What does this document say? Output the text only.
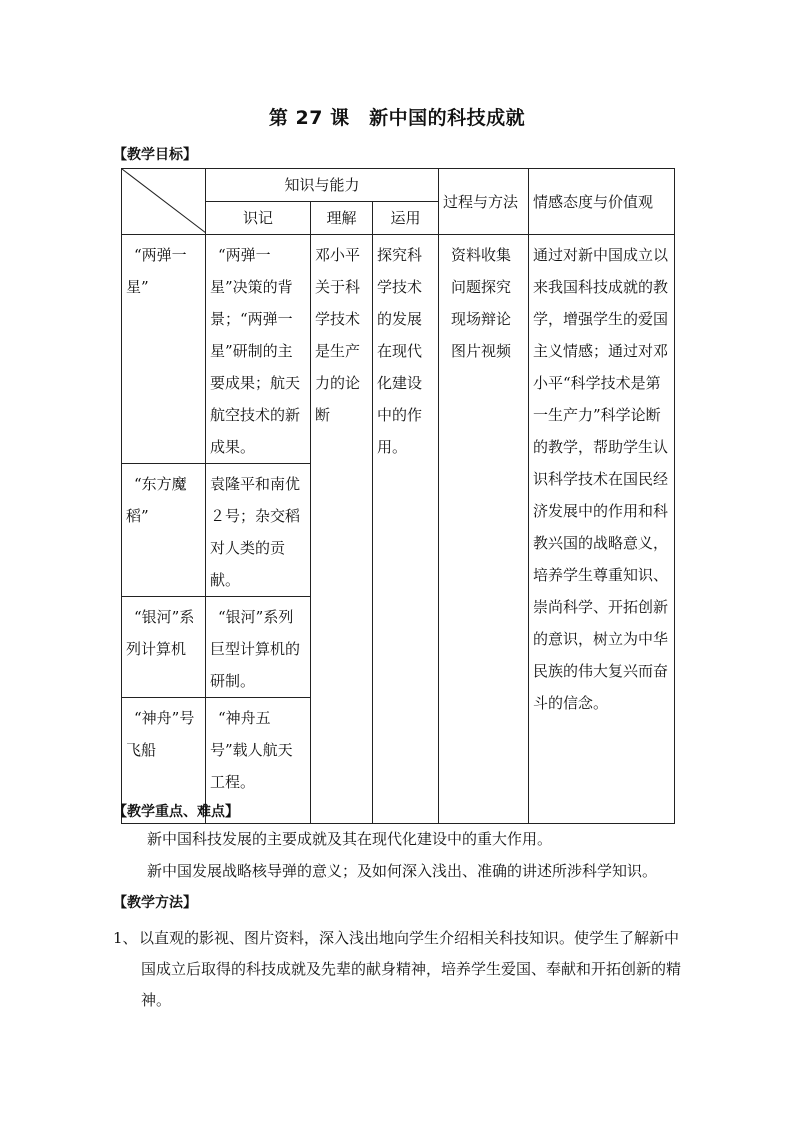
第 27 课　新中国的科技成就
【教学目标】
	知识与能力			过程与方法	情感态度与价值观
	识记	理解	运用		
“两弹一星”	“两弹一星”决策的背景；“两弹一星”研制的主要成果；航天航空技术的新成果。	邓小平关于科学技术是生产力的论断	探究科学技术的发展在现代化建设中的作用。	资料收集问题探究现场辩论图片视频	通过对新中国成立以来我国科技成就的教学，增强学生的爱国主义情感；通过对邓小平“科学技术是第一生产力”科学论断的教学，帮助学生认识科学技术在国民经济发展中的作用和科教兴国的战略意义，培养学生尊重知识、崇尚科学、开拓创新的意识，树立为中华民族的伟大复兴而奋斗的信念。
“东方魔稻”	袁隆平和南优２号；杂交稻对人类的贡献。				
“银河”系列计算机	“银河”系列巨型计算机的研制。				
“神舟”号飞船	“神舟五号”载人航天工程。				
【教学重点、难点】
新中国科技发展的主要成就及其在现代化建设中的重大作用。
新中国发展战略核导弹的意义；及如何深入浅出、准确的讲述所涉科学知识。
【教学方法】
1、 以直观的影视、图片资料，深入浅出地向学生介绍相关科技知识。使学生了解新中国成立后取得的科技成就及先辈的献身精神，培养学生爱国、奉献和开拓创新的精神。
